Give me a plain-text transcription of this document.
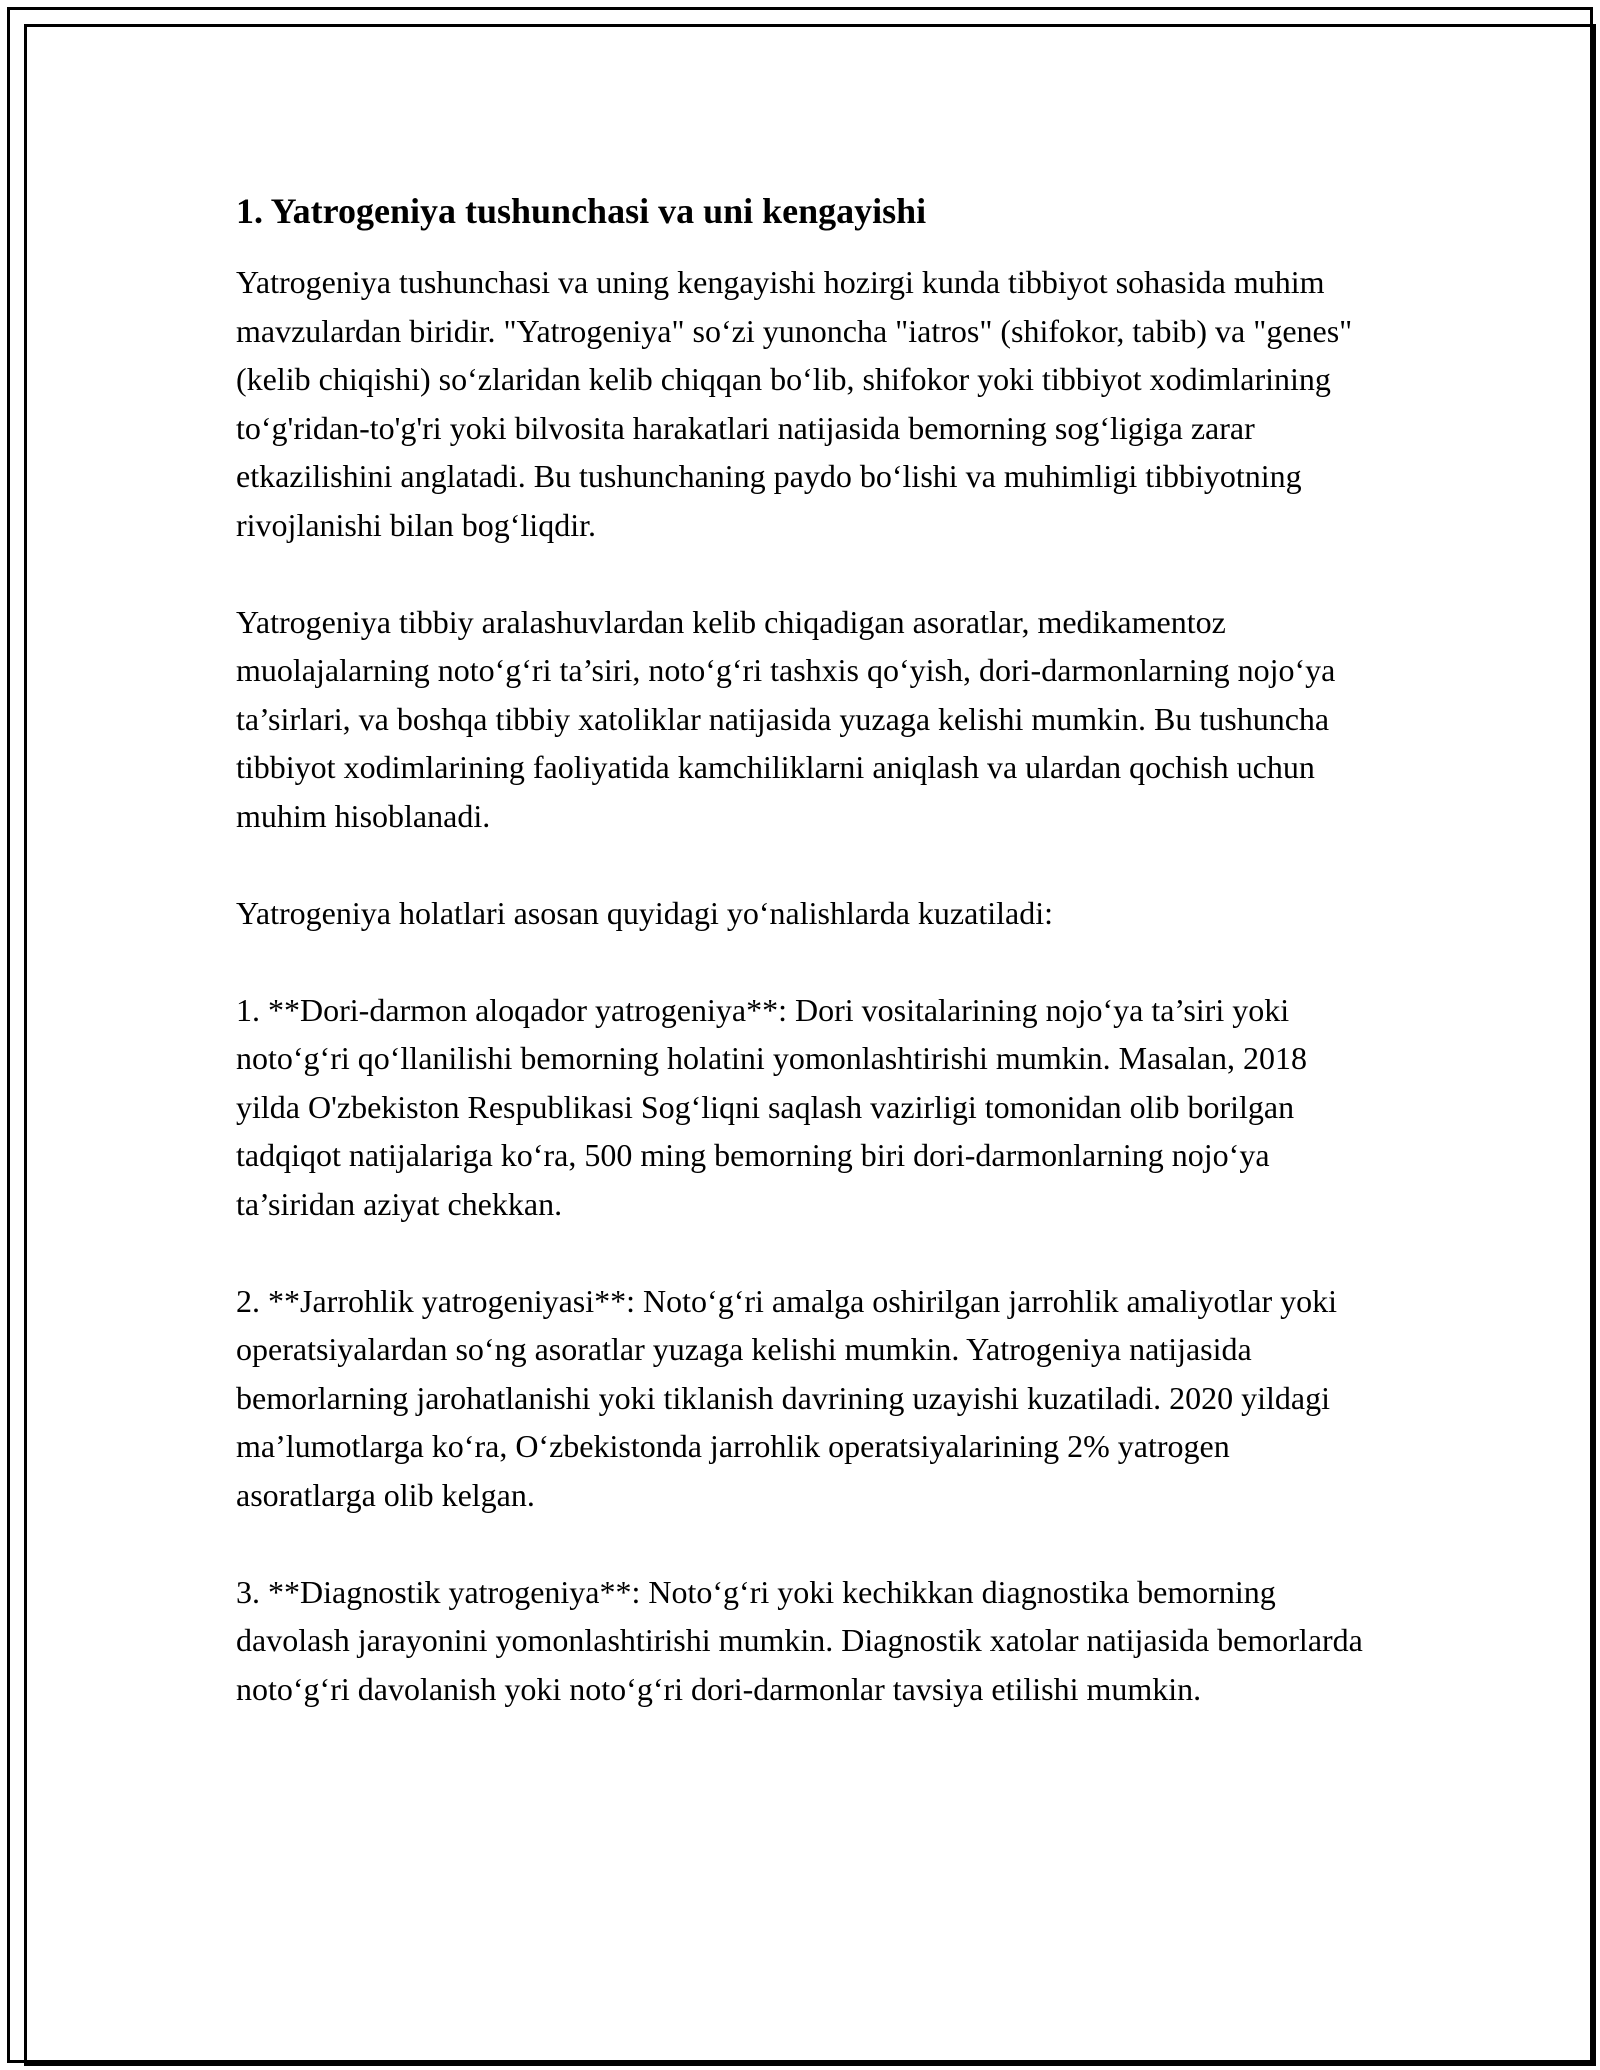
1. Yatrogeniya tushunchasi va uni kengayishi

Yatrogeniya tushunchasi va uning kengayishi hozirgi kunda tibbiyot sohasida muhim mavzulardan biridir. "Yatrogeniya" so‘zi yunoncha "iatros" (shifokor, tabib) va "genes" (kelib chiqishi) so‘zlaridan kelib chiqqan bo‘lib, shifokor yoki tibbiyot xodimlarining to‘g'ridan-to'g'ri yoki bilvosita harakatlari natijasida bemorning sog‘ligiga zarar etkazilishini anglatadi. Bu tushunchaning paydo bo‘lishi va muhimligi tibbiyotning rivojlanishi bilan bog‘liqdir.

Yatrogeniya tibbiy aralashuvlardan kelib chiqadigan asoratlar, medikamentoz muolajalarning noto‘g‘ri ta’siri, noto‘g‘ri tashxis qo‘yish, dori-darmonlarning nojo‘ya ta’sirlari, va boshqa tibbiy xatoliklar natijasida yuzaga kelishi mumkin. Bu tushuncha tibbiyot xodimlarining faoliyatida kamchiliklarni aniqlash va ulardan qochish uchun muhim hisoblanadi.

Yatrogeniya holatlari asosan quyidagi yo‘nalishlarda kuzatiladi:

1. **Dori-darmon aloqador yatrogeniya**: Dori vositalarining nojo‘ya ta’siri yoki noto‘g‘ri qo‘llanilishi bemorning holatini yomonlashtirishi mumkin. Masalan, 2018 yilda O'zbekiston Respublikasi Sog‘liqni saqlash vazirligi tomonidan olib borilgan tadqiqot natijalariga ko‘ra, 500 ming bemorning biri dori-darmonlarning nojo‘ya ta’siridan aziyat chekkan.

2. **Jarrohlik yatrogeniyasi**: Noto‘g‘ri amalga oshirilgan jarrohlik amaliyotlar yoki operatsiyalardan so‘ng asoratlar yuzaga kelishi mumkin. Yatrogeniya natijasida bemorlarning jarohatlanishi yoki tiklanish davrining uzayishi kuzatiladi. 2020 yildagi ma’lumotlarga ko‘ra, O‘zbekistonda jarrohlik operatsiyalarining 2% yatrogen asoratlarga olib kelgan.

3. **Diagnostik yatrogeniya**: Noto‘g‘ri yoki kechikkan diagnostika bemorning davolash jarayonini yomonlashtirishi mumkin. Diagnostik xatolar natijasida bemorlarda noto‘g‘ri davolanish yoki noto‘g‘ri dori-darmonlar tavsiya etilishi mumkin.
